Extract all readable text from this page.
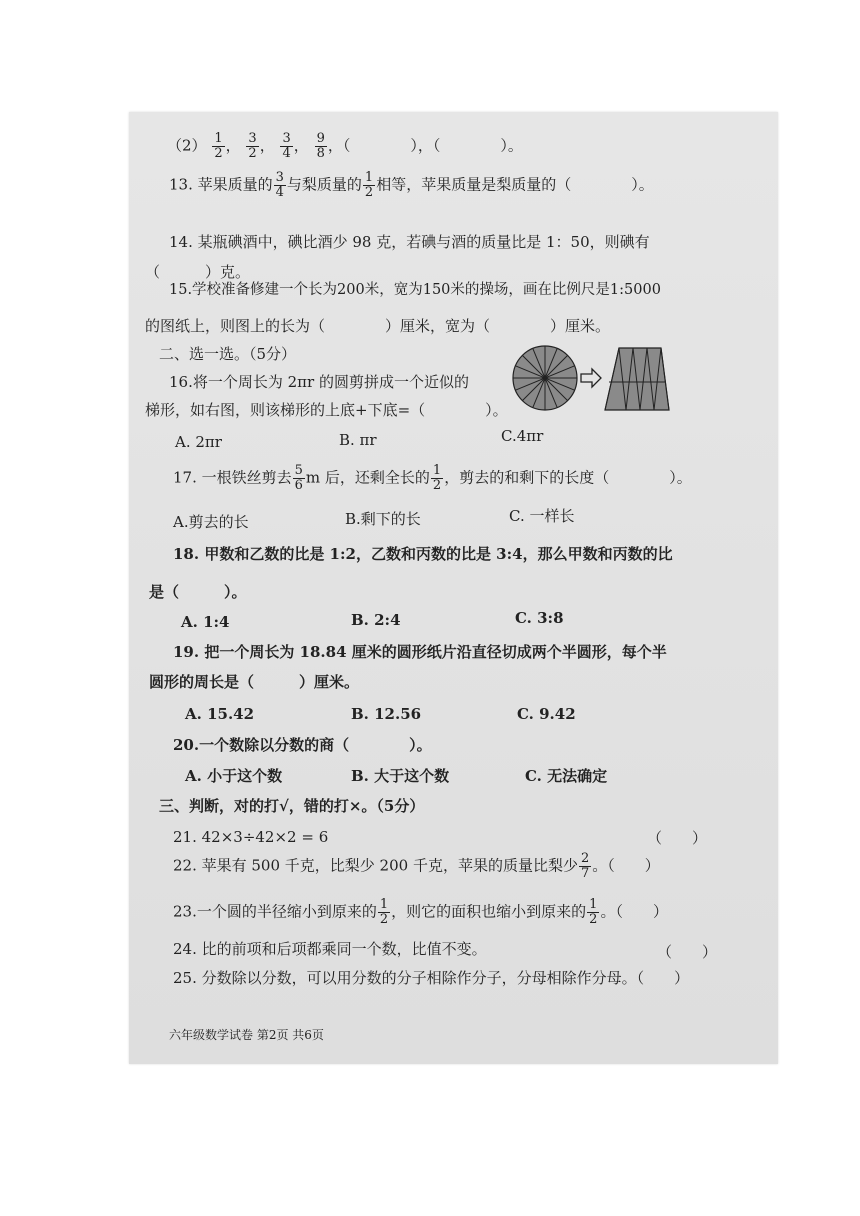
$(2) \frac{1}{2}$ ， $\frac{3}{2}$ ， $\frac{3}{4}$ ， $\frac{9}{8}$ ，（　　　　），（　　　　）。
13. 苹果质量的 $\frac{3}{4}$ 与梨质量的 $\frac{1}{2}$ 相等，苹果质量是梨质量的（　　　　）。
14. 某瓶碘酒中，碘比酒少 98 克，若碘与酒的质量比是 1：50，则碘有
（　　　）克。
15.学校准备修建一个长为200米，宽为150米的操场，画在比例尺是1:5000
的图纸上，则图上的长为（　　　　）厘米，宽为（　　　　）厘米。
二、选一选。（5分）
16.将一个周长为 2πr 的圆剪拼成一个近似的
梯形，如右图，则该梯形的上底+下底=（　　　　）。
A. 2πr	B. πr	C.4πr
17. 一根铁丝剪去 $\frac{5}{6}$ m 后，还剩全长的 $\frac{1}{2}$ ，剪去的和剩下的长度（　　　　）。
A.剪去的长	B.剩下的长	C. 一样长
18. 甲数和乙数的比是 1:2，乙数和丙数的比是 3:4，那么甲数和丙数的比
是（　　　）。
A. 1:4	B. 2:4	C. 3:8
19. 把一个周长为 18.84 厘米的圆形纸片沿直径切成两个半圆形，每个半
圆形的周长是（　　　）厘米。
A. 15.42	B. 12.56	C. 9.42
20.一个数除以分数的商（　　　　）。
A. 小于这个数	B. 大于这个数	C. 无法确定
三、判断，对的打√，错的打×。（5分）
21. 42×3÷42×2 = 6	（　　）
22. 苹果有 500 千克，比梨少 200 千克，苹果的质量比梨少 $\frac{2}{7}$ 。（　　）
23.一个圆的半径缩小到原来的 $\frac{1}{2}$ ，则它的面积也缩小到原来的 $\frac{1}{2}$ 。（　　）
24. 比的前项和后项都乘同一个数，比值不变。	（　　）
25. 分数除以分数，可以用分数的分子相除作分子，分母相除作分母。（　　）
六年级数学试卷 第2页 共6页
